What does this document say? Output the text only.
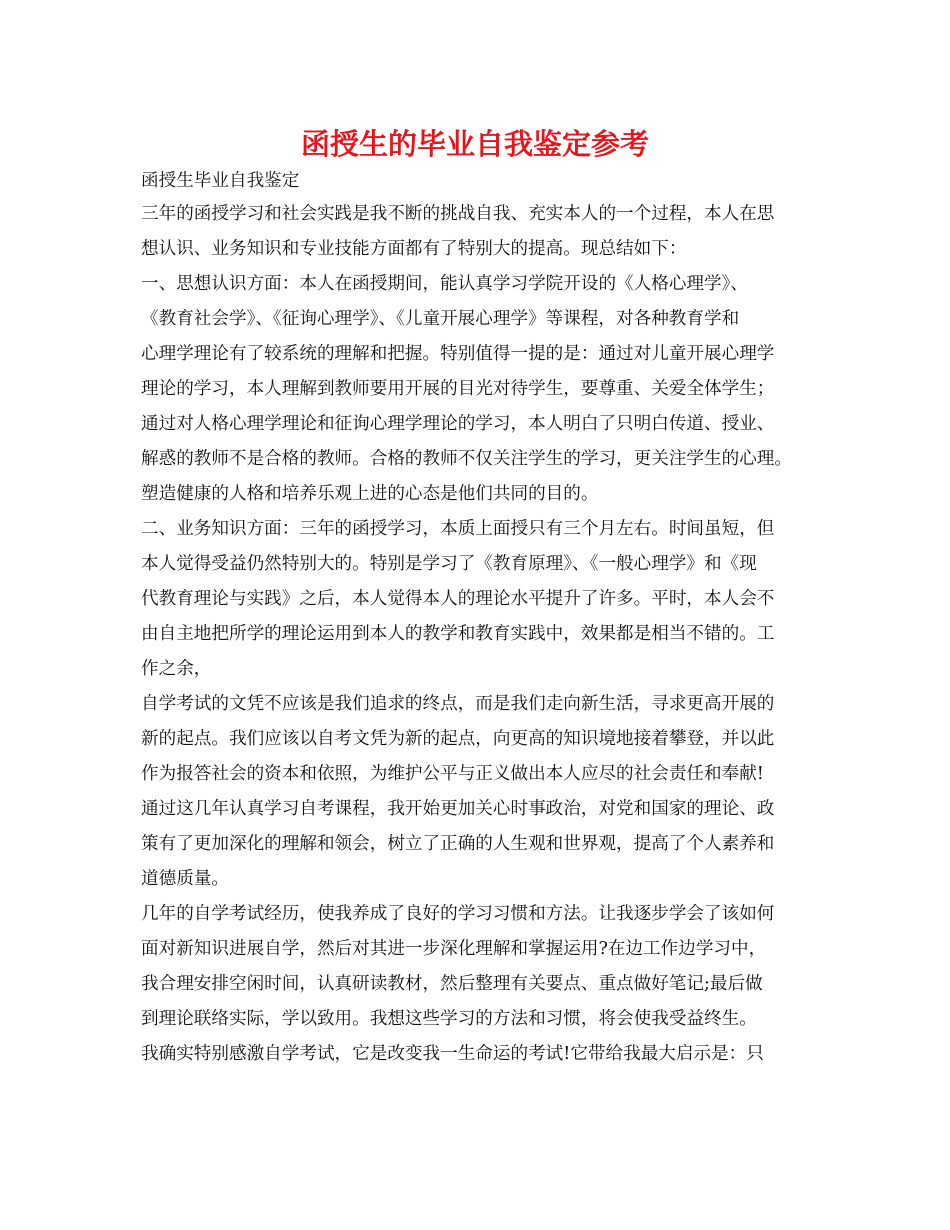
函授生的毕业自我鉴定参考
函授生毕业自我鉴定
三年的函授学习和社会实践是我不断的挑战自我、充实本人的一个过程，本人在思
想认识、业务知识和专业技能方面都有了特别大的提高。现总结如下：
一、思想认识方面：本人在函授期间，能认真学习学院开设的《人格心理学》、
《教育社会学》、《征询心理学》、《儿童开展心理学》等课程，对各种教育学和
心理学理论有了较系统的理解和把握。特别值得一提的是：通过对儿童开展心理学
理论的学习，本人理解到教师要用开展的目光对待学生，要尊重、关爱全体学生；
通过对人格心理学理论和征询心理学理论的学习，本人明白了只明白传道、授业、
解惑的教师不是合格的教师。合格的教师不仅关注学生的学习，更关注学生的心理。
塑造健康的人格和培养乐观上进的心态是他们共同的目的。
二、业务知识方面：三年的函授学习，本质上面授只有三个月左右。时间虽短，但
本人觉得受益仍然特别大的。特别是学习了《教育原理》、《一般心理学》和《现
代教育理论与实践》之后，本人觉得本人的理论水平提升了许多。平时，本人会不
由自主地把所学的理论运用到本人的教学和教育实践中，效果都是相当不错的。工
作之余，
自学考试的文凭不应该是我们追求的终点，而是我们走向新生活，寻求更高开展的
新的起点。我们应该以自考文凭为新的起点，向更高的知识境地接着攀登，并以此
作为报答社会的资本和依照，为维护公平与正义做出本人应尽的社会责任和奉献!
通过这几年认真学习自考课程，我开始更加关心时事政治，对党和国家的理论、政
策有了更加深化的理解和领会，树立了正确的人生观和世界观，提高了个人素养和
道德质量。
几年的自学考试经历，使我养成了良好的学习习惯和方法。让我逐步学会了该如何
面对新知识进展自学，然后对其进一步深化理解和掌握运用?在边工作边学习中，
我合理安排空闲时间，认真研读教材，然后整理有关要点、重点做好笔记;最后做
到理论联络实际，学以致用。我想这些学习的方法和习惯，将会使我受益终生。
我确实特别感激自学考试，它是改变我一生命运的考试!它带给我最大启示是：只
